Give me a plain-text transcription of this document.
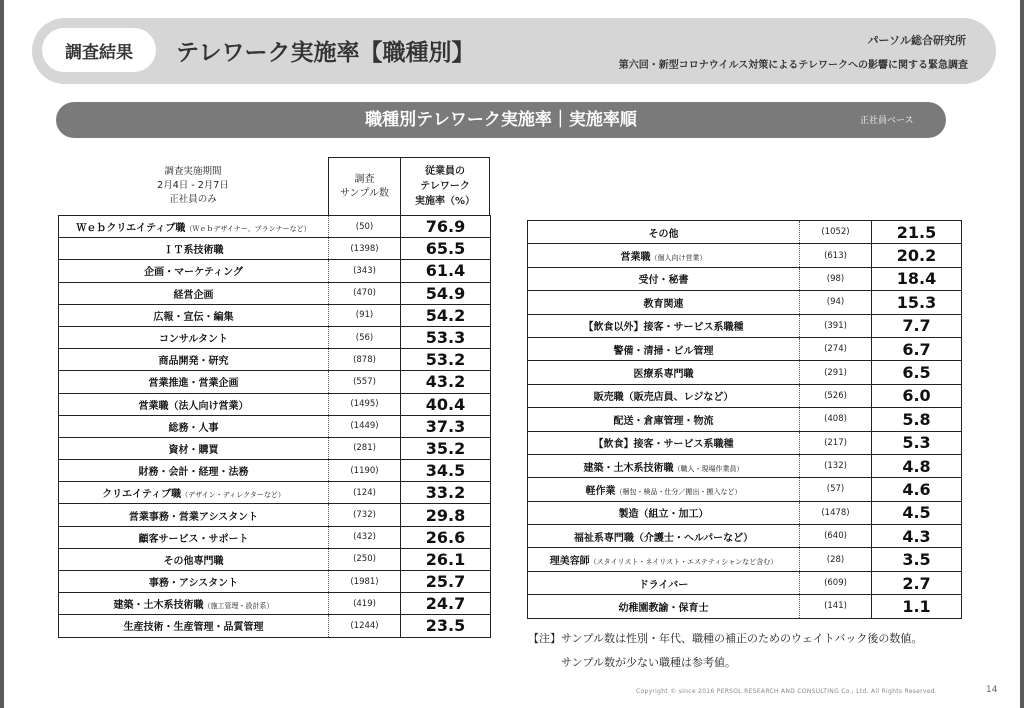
調査結果	テレワーク実施率【職種別】	パーソル総合研究所
第六回・新型コロナウイルス対策によるテレワークへの影響に関する緊急調査
職種別テレワーク実施率｜実施率順	正社員ベース
調査実施期間
2月4日 - 2月7日
正社員のみ
調査
サンプル数
従業員の
テレワーク
実施率（%）
Ｗｅｂクリエイティブ職（Ｗｅｂデザイナー、プランナーなど）	(50)	76.9
ＩＴ系技術職	(1398)	65.5
企画・マーケティング	(343)	61.4
経営企画	(470)	54.9
広報・宣伝・編集	(91)	54.2
コンサルタント	(56)	53.3
商品開発・研究	(878)	53.2
営業推進・営業企画	(557)	43.2
営業職（法人向け営業）	(1495)	40.4
総務・人事	(1449)	37.3
資材・購買	(281)	35.2
財務・会計・経理・法務	(1190)	34.5
クリエイティブ職（デザイン・ディレクターなど）	(124)	33.2
営業事務・営業アシスタント	(732)	29.8
顧客サービス・サポート	(432)	26.6
その他専門職	(250)	26.1
事務・アシスタント	(1981)	25.7
建築・土木系技術職（施工管理・設計系）	(419)	24.7
生産技術・生産管理・品質管理	(1244)	23.5
その他	(1052)	21.5
営業職（個人向け営業）	(613)	20.2
受付・秘書	(98)	18.4
教育関連	(94)	15.3
【飲食以外】接客・サービス系職種	(391)	7.7
警備・清掃・ビル管理	(274)	6.7
医療系専門職	(291)	6.5
販売職（販売店員、レジなど）	(526)	6.0
配送・倉庫管理・物流	(408)	5.8
【飲食】接客・サービス系職種	(217)	5.3
建築・土木系技術職（職人・現場作業員）	(132)	4.8
軽作業（梱包・検品・仕分／搬出・搬入など）	(57)	4.6
製造（組立・加工）	(1478)	4.5
福祉系専門職（介護士・ヘルパーなど）	(640)	4.3
理美容師（スタイリスト・ネイリスト・エステティシャンなど含む）	(28)	3.5
ドライバー	(609)	2.7
幼稚園教諭・保育士	(141)	1.1
【注】サンプル数は性別・年代、職種の補正のためのウェイトバック後の数値。
サンプル数が少ない職種は参考値。
Copyright © since 2016 PERSOL RESEARCH AND CONSULTING Co., Ltd. All Rights Reserved.	14
